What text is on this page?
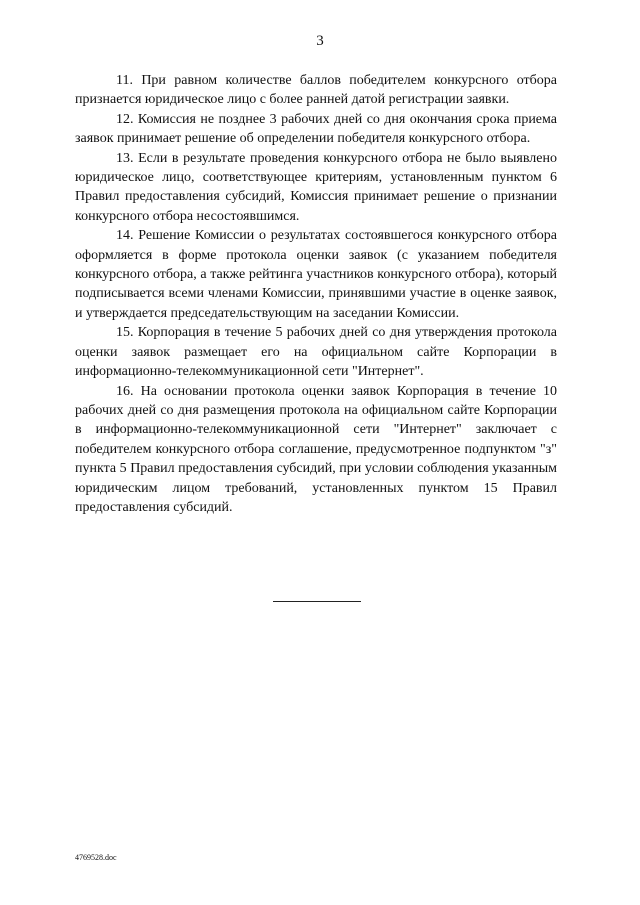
3

11. При равном количестве баллов победителем конкурсного отбора признается юридическое лицо с более ранней датой регистрации заявки.

12. Комиссия не позднее 3 рабочих дней со дня окончания срока приема заявок принимает решение об определении победителя конкурсного отбора.

13. Если в результате проведения конкурсного отбора не было выявлено юридическое лицо, соответствующее критериям, установленным пунктом 6 Правил предоставления субсидий, Комиссия принимает решение о признании конкурсного отбора несостоявшимся.

14. Решение Комиссии о результатах состоявшегося конкурсного отбора оформляется в форме протокола оценки заявок (с указанием победителя конкурсного отбора, а также рейтинга участников конкурсного отбора), который подписывается всеми членами Комиссии, принявшими участие в оценке заявок, и утверждается председательствующим на заседании Комиссии.

15. Корпорация в течение 5 рабочих дней со дня утверждения протокола оценки заявок размещает его на официальном сайте Корпорации в информационно-телекоммуникационной сети "Интернет".

16. На основании протокола оценки заявок Корпорация в течение 10 рабочих дней со дня размещения протокола на официальном сайте Корпорации в информационно-телекоммуникационной сети "Интернет" заключает с победителем конкурсного отбора соглашение, предусмотренное подпунктом "з" пункта 5 Правил предоставления субсидий, при условии соблюдения указанным юридическим лицом требований, установленных пунктом 15 Правил предоставления субсидий.

4769528.doc
